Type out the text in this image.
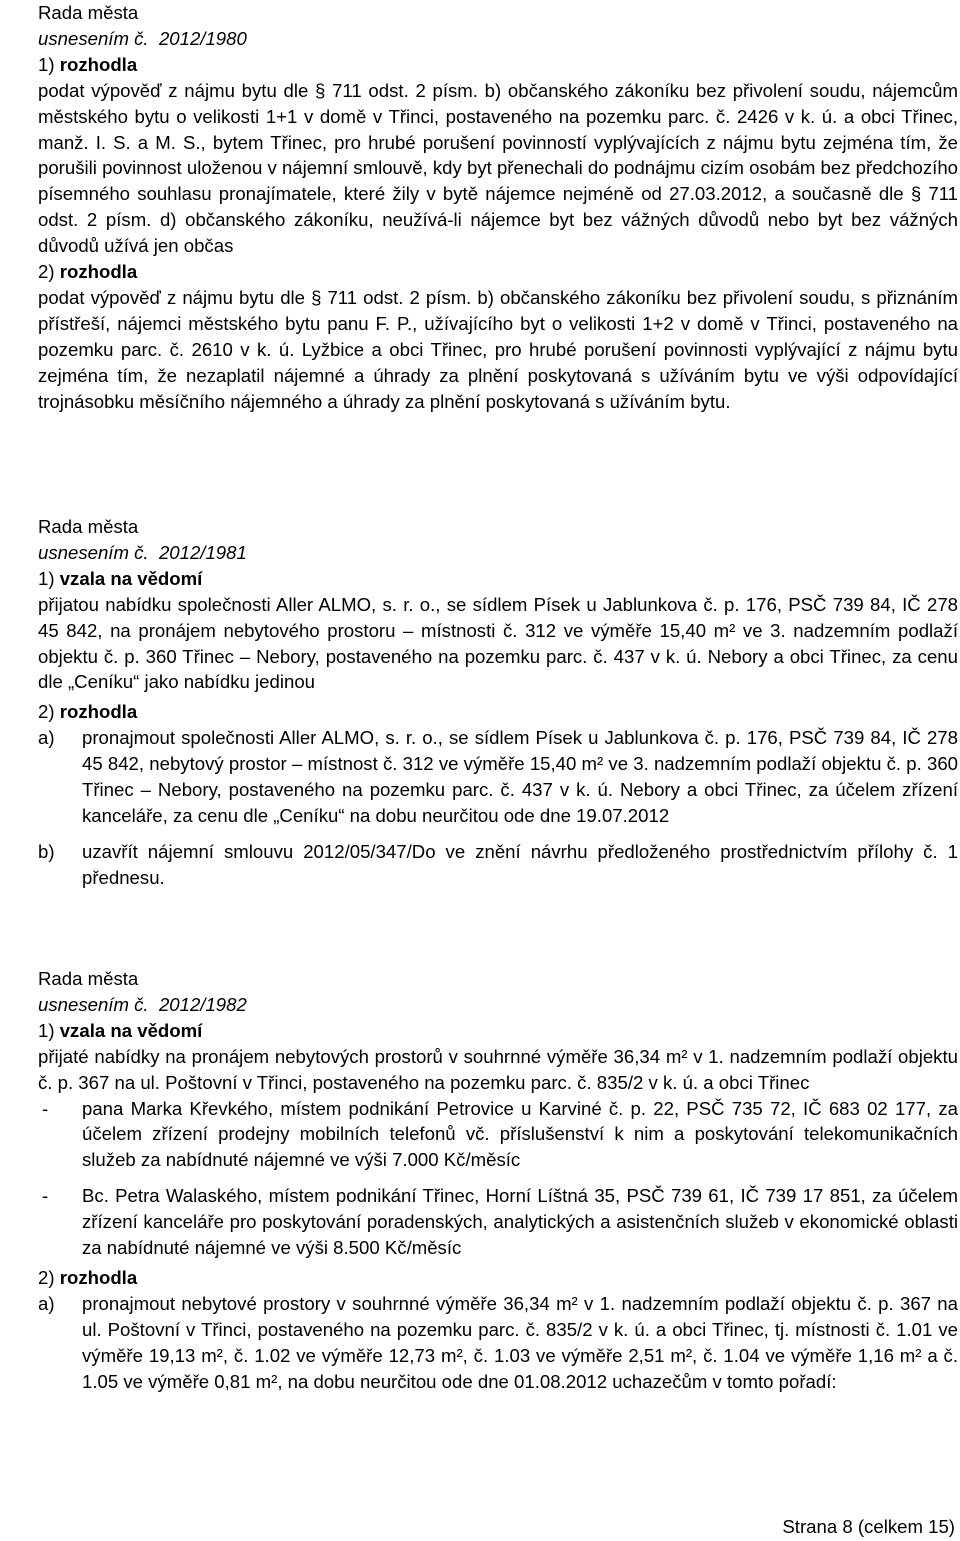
Rada města
usnesením č. 2012/1980
1) rozhodla

podat výpověď z nájmu bytu dle § 711 odst. 2 písm. b) občanského zákoníku bez přivolení soudu, nájemcům městského bytu o velikosti 1+1 v domě v Třinci, postaveného na pozemku parc. č. 2426 v k. ú. a obci Třinec, manž. I. S. a M. S., bytem Třinec, pro hrubé porušení povinností vyplývajících z nájmu bytu zejména tím, že porušili povinnost uloženou v nájemní smlouvě, kdy byt přenechali do podnájmu cizím osobám bez předchozího písemného souhlasu pronajímatele, které žily v bytě nájemce nejméně od 27.03.2012, a současně dle § 711 odst. 2 písm. d) občanského zákoníku, neužívá-li nájemce byt bez vážných důvodů nebo byt bez vážných důvodů užívá jen občas

2) rozhodla

podat výpověď z nájmu bytu dle § 711 odst. 2 písm. b) občanského zákoníku bez přivolení soudu, s přiznáním přístřeší, nájemci městského bytu panu F. P., užívajícího byt o velikosti 1+2 v domě v Třinci, postaveného na pozemku parc. č. 2610 v k. ú. Lyžbice a obci Třinec, pro hrubé porušení povinnosti vyplývající z nájmu bytu zejména tím, že nezaplatil nájemné a úhrady za plnění poskytovaná s užíváním bytu ve výši odpovídající trojnásobku měsíčního nájemného a úhrady za plnění poskytovaná s užíváním bytu.

Rada města
usnesením č. 2012/1981
1) vzala na vědomí

přijatou nabídku společnosti Aller ALMO, s. r. o., se sídlem Písek u Jablunkova č. p. 176, PSČ 739 84, IČ 278 45 842, na pronájem nebytového prostoru – místnosti č. 312 ve výměře 15,40 m² ve 3. nadzemním podlaží objektu č. p. 360 Třinec – Nebory, postaveného na pozemku parc. č. 437 v k. ú. Nebory a obci Třinec, za cenu dle „Ceníku“ jako nabídku jedinou

2) rozhodla
a) pronajmout společnosti Aller ALMO, s. r. o., se sídlem Písek u Jablunkova č. p. 176, PSČ 739 84, IČ 278 45 842, nebytový prostor – místnost č. 312 ve výměře 15,40 m² ve 3. nadzemním podlaží objektu č. p. 360 Třinec – Nebory, postaveného na pozemku parc. č. 437 v k. ú. Nebory a obci Třinec, za účelem zřízení kanceláře, za cenu dle „Ceníku“ na dobu neurčitou ode dne 19.07.2012
b) uzavřít nájemní smlouvu 2012/05/347/Do ve znění návrhu předloženého prostřednictvím přílohy č. 1 přednesu.
Rada města
usnesením č. 2012/1982
1) vzala na vědomí

přijaté nabídky na pronájem nebytových prostorů v souhrnné výměře 36,34 m² v 1. nadzemním podlaží objektu č. p. 367 na ul. Poštovní v Třinci, postaveného na pozemku parc. č. 835/2 v k. ú. a obci Třinec

- pana Marka Křevkého, místem podnikání Petrovice u Karviné č. p. 22, PSČ 735 72, IČ 683 02 177, za účelem zřízení prodejny mobilních telefonů vč. příslušenství k nim a poskytování telekomunikačních služeb za nabídnuté nájemné ve výši 7.000 Kč/měsíc
- Bc. Petra Walaského, místem podnikání Třinec, Horní Líštná 35, PSČ 739 61, IČ 739 17 851, za účelem zřízení kanceláře pro poskytování poradenských, analytických a asistenčních služeb v ekonomické oblasti za nabídnuté nájemné ve výši 8.500 Kč/měsíc
2) rozhodla
a) pronajmout nebytové prostory v souhrnné výměře 36,34 m² v 1. nadzemním podlaží objektu č. p. 367 na ul. Poštovní v Třinci, postaveného na pozemku parc. č. 835/2 v k. ú. a obci Třinec, tj. místnosti č. 1.01 ve výměře 19,13 m², č. 1.02 ve výměře 12,73 m², č. 1.03 ve výměře 2,51 m², č. 1.04 ve výměře 1,16 m² a č. 1.05 ve výměře 0,81 m², na dobu neurčitou ode dne 01.08.2012 uchazečům v tomto pořadí:
Strana 8 (celkem 15)
